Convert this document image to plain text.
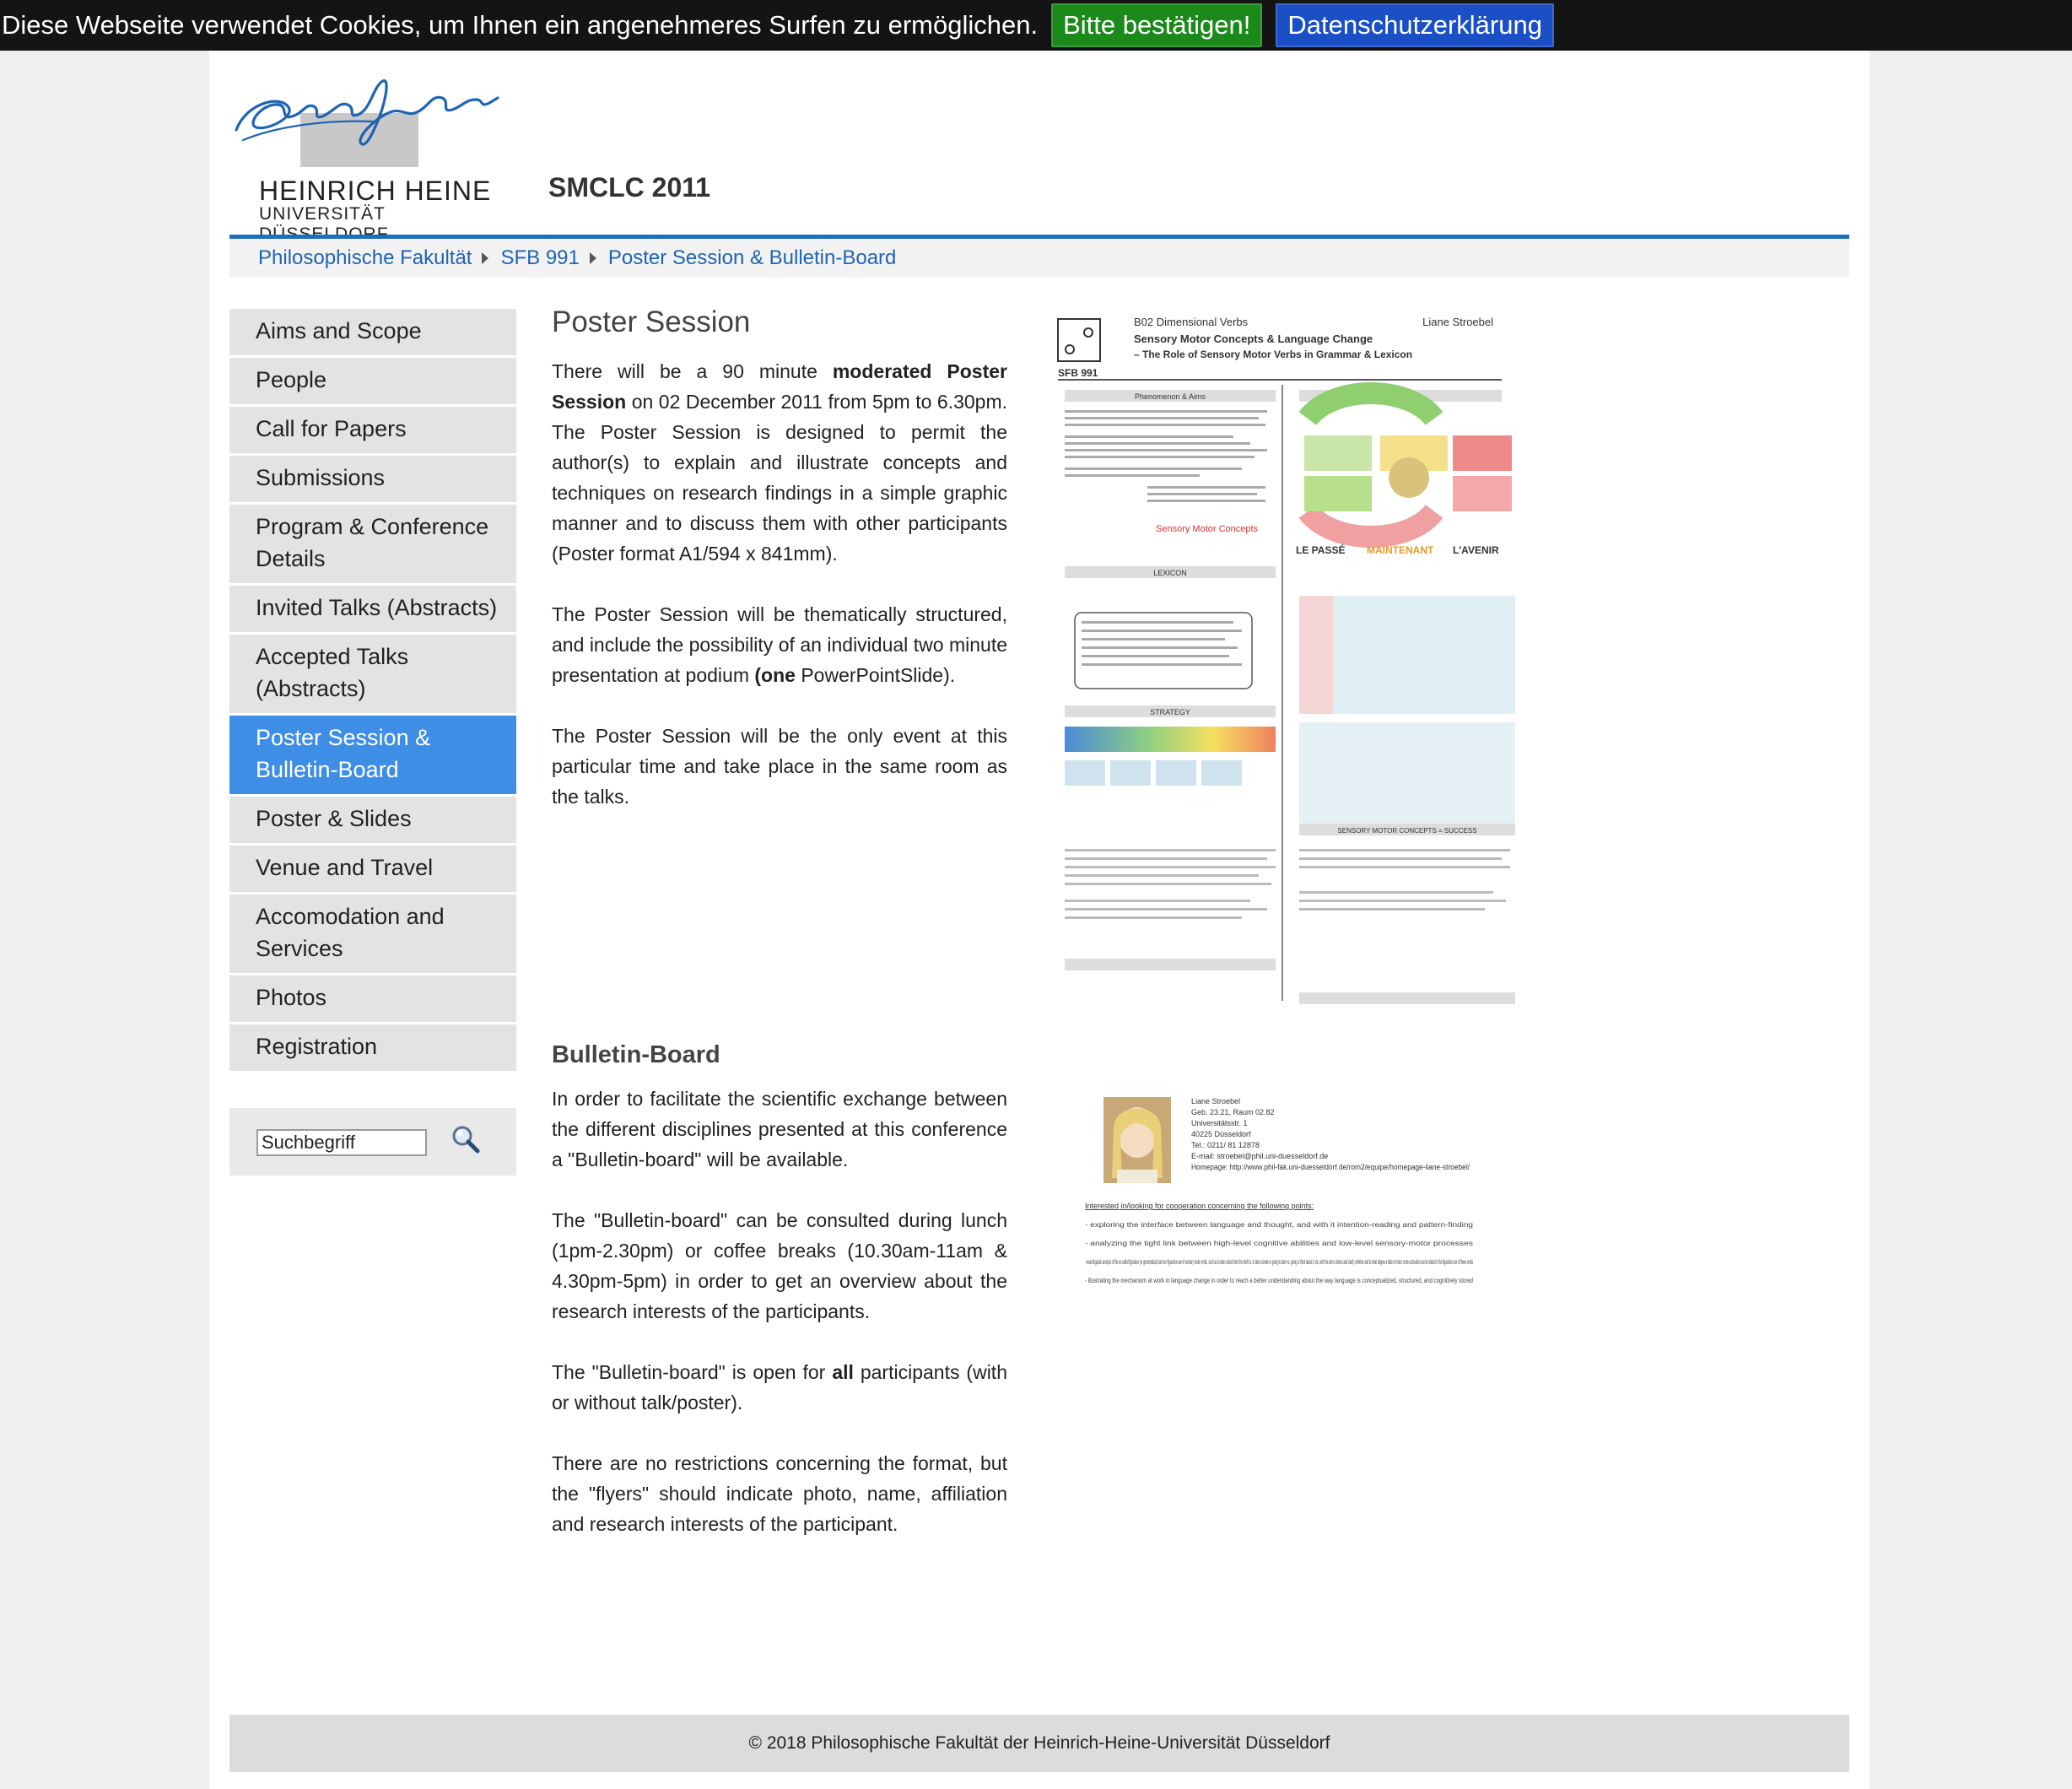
Diese Webseite verwendet Cookies, um Ihnen ein angenehmeres Surfen zu ermöglichen. Bitte bestätigen!	Datenschutzerklärung
HEINRICH HEINE
UNIVERSITÄT
SMCLC 2011
Philosophische Fakultät	SFB 991	Poster Session & Bulletin-Board
Aims and Scope
People
Call for Papers
Submissions
Program & Conference Details
Invited Talks (Abstracts)
Accepted Talks (Abstracts)
Poster Session & Bulletin-Board
Poster & Slides
Venue and Travel
Accomodation and Services
Photos
Registration
Suchbegriff
Poster Session

There will be a 90 minute moderated Poster Session on 02 December 2011 from 5pm to 6.30pm. The Poster Session is designed to permit the author(s) to explain and illustrate concepts and techniques on research findings in a simple graphic manner and to discuss them with other participants (Poster format A1/594 x 841mm).

The Poster Session will be thematically structured, and include the possibility of an individual two minute presentation at podium (one PowerPointSlide).

The Poster Session will be the only event at this particular time and take place in the same room as the talks.

B02 Dimensional Verbs	Liane Stroebel
Sensory Motor Concepts & Language Change
– The Role of Sensory Motor Verbs in Grammar & Lexicon
SFB 991
Phenomenon & Aims	GRAMMAR
Sensory Motor Concepts
LE PASSÉ MAINTENANT L'AVENIR
LEXICON
STRATEGY
SENSORY MOTOR CONCEPTS = SUCCESS
Bulletin-Board

In order to facilitate the scientific exchange between the different disciplines presented at this conference a "Bulletin-board" will be available.

The "Bulletin-board" can be consulted during lunch (1pm-2.30pm) or coffee breaks (10.30am-11am & 4.30pm-5pm) in order to get an overview about the research interests of the participants.

The "Bulletin-board" is open for all participants (with or without talk/poster).

There are no restrictions concerning the format, but the "flyers" should indicate photo, name, affiliation and research interests of the participant.

Liane Stroebel
Geb. 23.21, Raum 02.82
Universitätsstr. 1
40225 Düsseldorf
Tel.: 0211/ 81 12878
E-mail: stroebel@phil.uni-duesseldorf.de
Homepage: http://www.phil-fak.uni-duesseldorf.de/rom2/equipe/homepage-liane-stroebel/
Interested in/looking for cooperation concerning the following points:
- exploring the interface between language and thought, and with it intention-reading and pattern-finding
- analyzing the tight link between high-level cognitive abilities and low-level sensory-motor processes
- neurolinguistic analysis of the so-called figurative (or grammatical) and non-figurative use of sensory motor verbs, such as to take a book from the shelf vs. to take a break or going to town vs. going to think about it, etc. with the aim to detect and clarify whether and to what degree a fade of motor cortex activation can be stated in the figurative use of these verbs
- illustrating the mechanism at work in language change in order to reach a better understanding about the way language is conceptualized, structured, and cognitively stored
© 2018 Philosophische Fakultät der Heinrich-Heine-Universität Düsseldorf
